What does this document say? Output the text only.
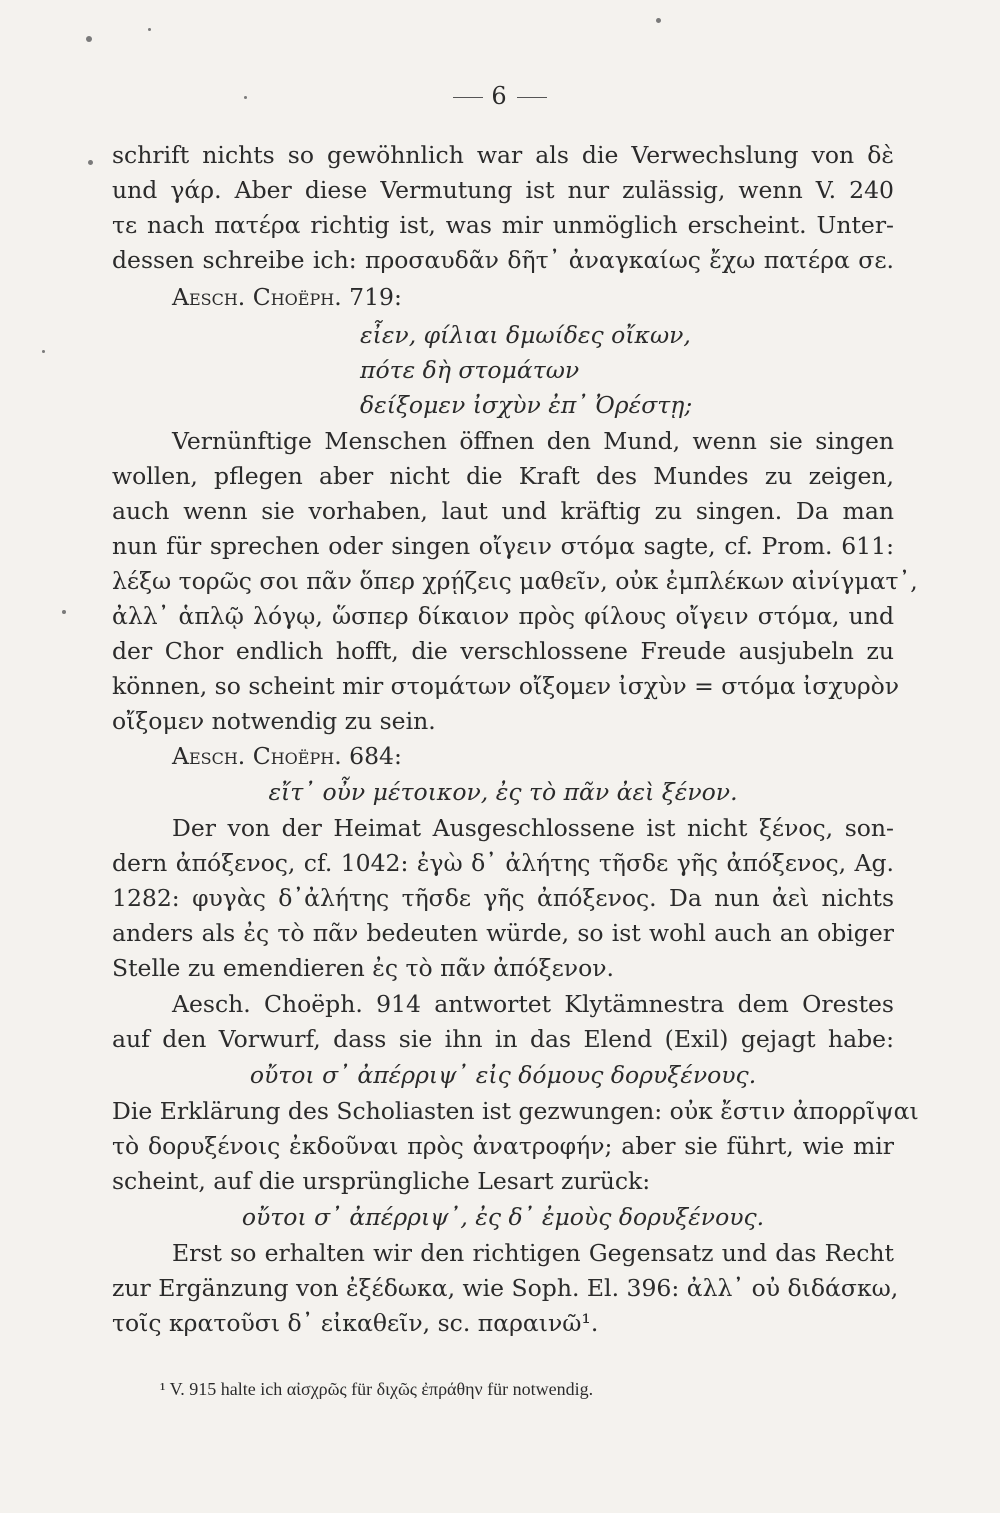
6
schrift nichts so gewöhnlich war als die Verwechslung von δὲ
und γάρ. Aber diese Vermutung ist nur zulässig, wenn V. 240
τε nach πατέρα richtig ist, was mir unmöglich erscheint. Unter-
dessen schreibe ich: προσαυδᾶν δῆτ᾽ ἀναγκαίως ἔχω πατέρα σε.
Aesch. Choëph. 719:
εἶεν, φίλιαι δμωίδες οἴκων,
πότε δὴ στομάτων
δείξομεν ἰσχὺν ἐπ᾽ Ὀρέστῃ;
Vernünftige Menschen öffnen den Mund, wenn sie singen
wollen, pflegen aber nicht die Kraft des Mundes zu zeigen,
auch wenn sie vorhaben, laut und kräftig zu singen. Da man
nun für sprechen oder singen οἴγειν στόμα sagte, cf. Prom. 611:
λέξω τορῶς σοι πᾶν ὅπερ χρῄζεις μαθεῖν, οὐκ ἐμπλέκων αἰνίγματ᾽,
ἀλλ᾽ ἁπλῷ λόγῳ, ὥσπερ δίκαιον πρὸς φίλους οἴγειν στόμα, und
der Chor endlich hofft, die verschlossene Freude ausjubeln zu
können, so scheint mir στομάτων οἴξομεν ἰσχὺν = στόμα ἰσχυρὸν
οἴξομεν notwendig zu sein.
Aesch. Choëph. 684:
εἴτ᾽ οὖν μέτοικον, ἐς τὸ πᾶν ἀεὶ ξένον.
Der von der Heimat Ausgeschlossene ist nicht ξένος, son-
dern ἀπόξενος, cf. 1042: ἐγὼ δ᾽ ἀλήτης τῆσδε γῆς ἀπόξενος, Ag.
1282: φυγὰς δ᾽ἀλήτης τῆσδε γῆς ἀπόξενος. Da nun ἀεὶ nichts
anders als ἐς τὸ πᾶν bedeuten würde, so ist wohl auch an obiger
Stelle zu emendieren ἐς τὸ πᾶν ἀπόξενον.
Aesch. Choëph. 914 antwortet Klytämnestra dem Orestes
auf den Vorwurf, dass sie ihn in das Elend (Exil) gejagt habe:
οὔτοι σ᾽ ἀπέρριψ᾽ εἰς δόμους δορυξένους.
Die Erklärung des Scholiasten ist gezwungen: οὐκ ἔστιν ἀπορρῖψαι
τὸ δορυξένοις ἐκδοῦναι πρὸς ἀνατροφήν; aber sie führt, wie mir
scheint, auf die ursprüngliche Lesart zurück:
οὔτοι σ᾽ ἀπέρριψ᾽, ἐς δ᾽ ἐμοὺς δορυξένους.
Erst so erhalten wir den richtigen Gegensatz und das Recht
zur Ergänzung von ἐξέδωκα, wie Soph. El. 396: ἀλλ᾽ οὐ διδάσκω,
τοῖς κρατοῦσι δ᾽ εἰκαθεῖν, sc. παραινῶ¹.
¹ V. 915 halte ich αἰσχρῶς für διχῶς ἐπράθην für notwendig.
